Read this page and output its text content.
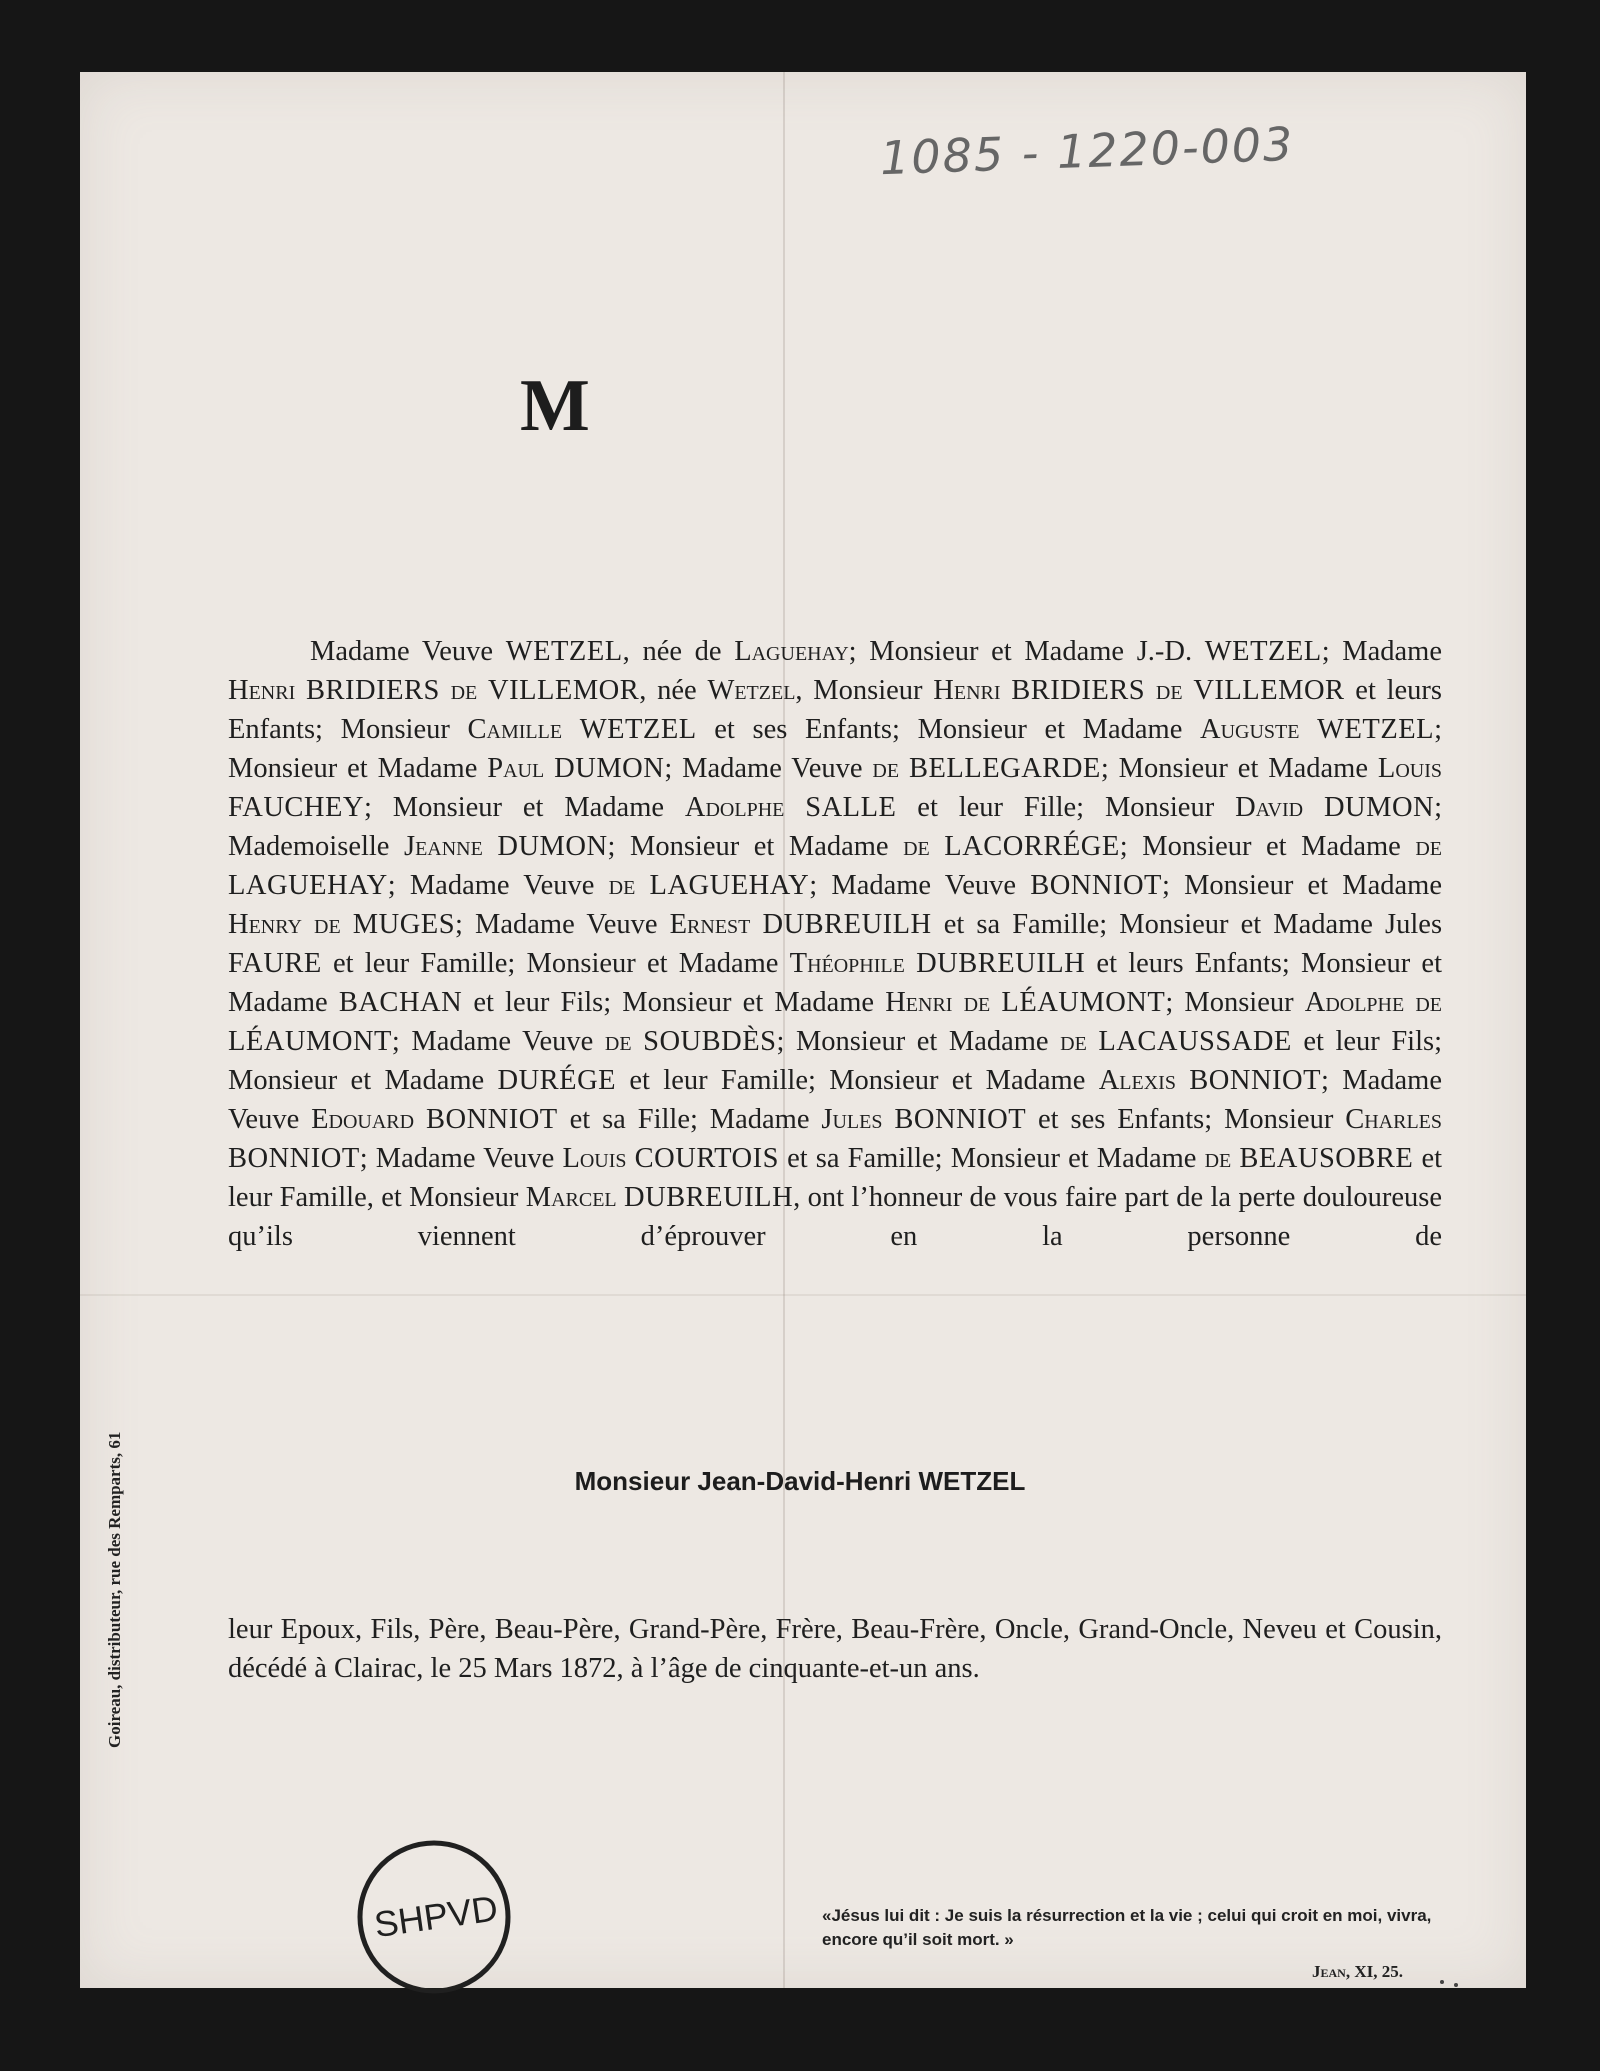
1085 - 1220-003
M

Madame Veuve WETZEL, née de Laguehay; Monsieur et Madame J.-D. WETZEL; Madame Henri BRIDIERS de VILLEMOR, née Wetzel, Monsieur Henri BRIDIERS de VILLEMOR et leurs Enfants; Monsieur Camille WETZEL et ses Enfants; Monsieur et Madame Auguste WETZEL; Monsieur et Madame Paul DUMON; Madame Veuve de BELLEGARDE; Monsieur et Madame Louis FAUCHEY; Monsieur et Madame Adolphe SALLE et leur Fille; Monsieur David DUMON; Mademoiselle Jeanne DUMON; Monsieur et Madame de LACORRÉGE; Monsieur et Madame de LAGUEHAY; Madame Veuve de LAGUEHAY; Madame Veuve BONNIOT; Monsieur et Madame Henry de MUGES; Madame Veuve Ernest DUBREUILH et sa Famille; Monsieur et Madame Jules FAURE et leur Famille; Monsieur et Madame Théophile DUBREUILH et leurs Enfants; Monsieur et Madame BACHAN et leur Fils; Monsieur et Madame Henri de LÉAUMONT; Monsieur Adolphe de LÉAUMONT; Madame Veuve de SOUBDÈS; Monsieur et Madame de LACAUSSADE et leur Fils; Monsieur et Madame DURÉGE et leur Famille; Monsieur et Madame Alexis BONNIOT; Madame Veuve Edouard BONNIOT et sa Fille; Madame Jules BONNIOT et ses Enfants; Monsieur Charles BONNIOT; Madame Veuve Louis COURTOIS et sa Famille; Monsieur et Madame de BEAUSOBRE et leur Famille, et Monsieur Marcel DUBREUILH, ont l’honneur de vous faire part de la perte douloureuse qu’ils viennent d’éprouver en la personne de

Monsieur Jean-David-Henri WETZEL
leur Epoux, Fils, Père, Beau-Père, Grand-Père, Frère, Beau-Frère, Oncle, Grand-Oncle, Neveu et Cousin, décédé à Clairac, le 25 Mars 1872, à l’âge de cinquante-et-un ans.
Goireau, distributeur, rue des Remparts, 61
SHPVD	«Jésus lui dit : Je suis la résurrection et la vie ; celui qui croit en moi, vivra, encore qu’il soit mort. »
Jean, XI, 25.
